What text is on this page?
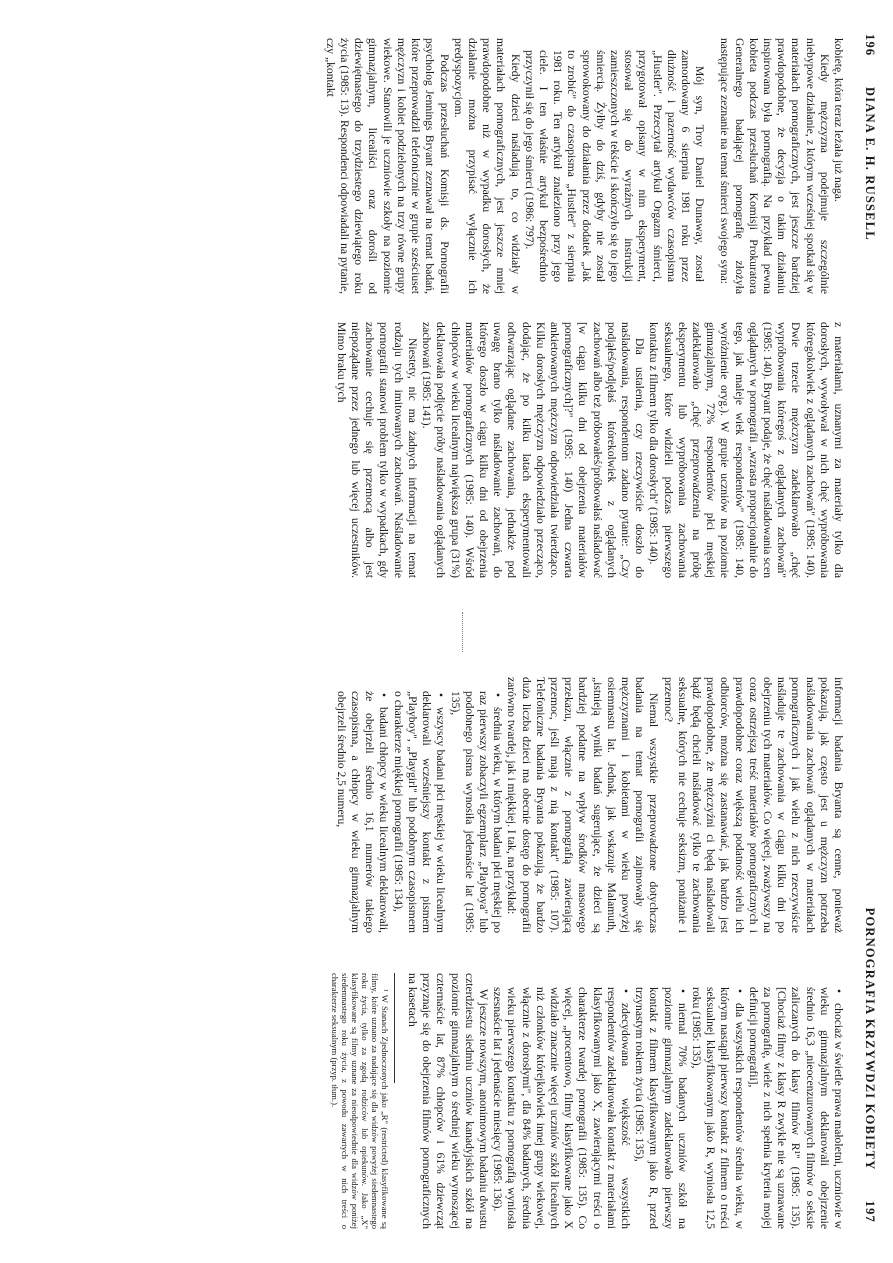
196  DIANA E. H. RUSSELL

kobietę, która teraz leżała już naga.

Kiedy mężczyzna podejmuje szczególnie niebypowe działanie, z którym wcześniej spotkał się w materiałach pornograficznych, jest jeszcze bardziej prawdopodobne, że decyzja o takim działaniu inspirowana była pornografią. Na przykład pewna kobieta podczas przesłuchań Komisji Prokuratora Generalnego badającej pornografię złożyła następujące zeznanie na temat śmierci swojego syna:

Mój syn, Troy Daniel Dunaway, został zamordowany 6 sierpnia 1981 roku przez dłużność i pazerność wydawców czasopisma „Hustler". Przeczytał artykuł Orgazm śmierci, przygotował opisany w nim eksperyment, stosował się do wyraźnych instrukcji zamieszczonych w tekście i skończyło się to jego śmiercią. Żyłby do dziś, gdyby nie został sprowokowany do działania przez dodatek „Jak to zrobić" do czasopisma „Hustler" z sierpnia 1981 roku. Ten artykuł znaleziono przy jego ciele. I ten właśnie artykuł bezpośrednio przyczynił się do jego śmierci (1986: 797).

Kiedy dzieci naśladują to, co widziały w materiałach pornograficznych, jest jeszcze mniej prawdopodobne niż w wypadku dorosłych, że działanie można przypisać wyłącznie ich predyspozycjom.

Podczas przesłuchań Komisji ds. Pornografii psycholog Jennings Bryant zeznawał na temat badań, które przeprowadził telefonicznie w grupie sześciuset mężczyzn i kobiet podzielonych na trzy równe grupy wiekowe. Stanowili je uczniowie szkoły na poziomie gimnazjalnym, licealiści oraz dorośli od dziewiętnastego do trzydziestego dziewiątego roku życia (1985: 13). Respondenci odpowiadali na pytanie, czy „kontakt

z materiałami, uznanymi za materiały tylko dla dorosłych, wywoływał w nich chęć wypróbowania któregokolwiek z oglądanych zachowań" (1985: 140). Dwie trzecie mężczyzn zadeklarowało „chęć wypróbowania któregoś z oglądanych zachowań" (1985: 140). Bryant podaje, że chęć naśladowania scen oglądanych w pornografii „wzrasta proporcjonalnie do tego, jak maleje wiek respondentów" (1985: 140, wyróżnienie oryg.). W grupie uczniów na poziomie gimnazjalnym, 72% respondentów płci męskiej zadeklarowało „chęć przeprowadzenia na próbę eksperymentu lub wypróbowania zachowania seksualnego, które widzieli podczas pierwszego kontaktu z filmem tylko dla dorosłych" (1985: 140).

Dla ustalenia, czy rzeczywiście doszło do naśladowania, respondentom zadano pytanie: „Czy podjąłeś/podjęłaś którekolwiek z oglądanych zachowań albo też próbowałeś/próbowałaś naśladować [w ciągu kilku dni od obejrzenia materiałów pornograficznych]?" (1985: 140) Jedna czwarta ankietowanych mężczyzn odpowiedziała twierdząco. Kilku dorosłych mężczyzn odpowiedziało przecząco, dodając, że po kilku latach eksperymentowali odtwarzając oglądane zachowania, jednakże pod uwagę brano tylko naśladowanie zachowań, do którego doszło w ciągu kilku dni od obejrzenia materiałów pornograficznych (1985: 140). Wśród chłopców w wieku licealnym największa grupa (31%) deklarowała podjęcie próby naśladowania oglądanych zachowań (1985: 141).

Niestety, nic ma żadnych informacji na temat rodzaju tych imitowanych zachowań. Naśladowanie pornografii stanowi problem tylko w wypadkach, gdy zachowanie cechuje się przemocą albo jest niepożądane przez jednego lub więcej uczestników. Mimo braku tych

PORNOGRAFIA KRZYWDZI KOBIETY  197

informacji badania Bryanta są cenne, ponieważ pokazują, jak często jest u mężczyzn potrzeba naśladowania zachowań oglądanych w materiałach pornograficznych i jak wielu z nich rzeczywiście naśladuje te zachowania w ciągu kilku dni po obejrzeniu tych materiałów. Co więcej, zważywszy na coraz ostrzejszą treść materiałów pornograficznych i prawdopodobne coraz większą podatność wielu ich odbiorców, można się zastanawiać, jak bardzo jest prawdopodobne, że mężczyźni ci będą naśladowali bądź będą chcieli naśladować tylko te zachowania seksualne, których nie cechuje seksizm, poniżanie i przemoc?

Niemal wszystkie przeprowadzone dotychczas badania na temat pornografii zajmowały się mężczyznami i kobietami w wieku powyżej osiemnastu lat. Jednak, jak wskazuje Malamuth, „istnieją wyniki badań sugerujące, że dzieci są bardziej podatne na wpływ środków masowego przekazu, włącznie z pornografią zawierającą przemoc, jeśli mają z nią kontakt" (1985: 107). Telefoniczne badania Bryanta pokazują, że bardzo duża liczba dzieci ma obecnie dostęp do pornografii zarówno twardej, jak i miękkiej. I tak, na przykład:

• średnia wieku, w którym badani płci męskiej po raz pierwszy zobaczyli egzemplarz „Playboya" lub podobnego pisma wynosiła jedenaście lat (1985: 135),

• wszyscy badani płci męskiej w wieku licealnym deklarowali wcześniejszy kontakt z pismem „Playboy", „Playgirl" lub podobnym czasopismem o charakterze miękkiej pornografii (1985: 134),

• badani chłopcy w wieku licealnym deklarowali, że obejrzeli średnio 16,1 numerów takiego czasopisma, a chłopcy w wieku gimnazjalnym obejrzeli średnio 2,5 numeru,

• chociaż w świetle prawa małoletni, uczniowie w wieku gimnazjalnym deklarowali obejrzenie średnio 16,3 „nieocenzurowanych filmów o seksie zaliczanych do klasy filmów R¹" (1985: 135). [Chociaż filmy z klasy R zwykle nie są uznawane za pornografię, wiele z nich spełnia kryteria mojej definicji pornografii],

• dla wszystkich respondentów średnia wieku, w którym nastąpił pierwszy kontakt z filmem o treści seksualnej klasyfikowanym jako R, wyniosła 12,5 roku (1985: 135),

• niemal 70% badanych uczniów szkół na poziomie gimnazjalnym zadeklarowało pierwszy kontakt z filmem klasyfikowanym jako R, przed trzynastym rokiem życia (1985: 135),

• zdecydowana większość wszystkich respondentów zadeklarowała kontakt z materiałami klasyfikowanymi jako X, zawierającymi treści o charakterze twardej pornografii (1985: 135). Co więcej, „procentowo, filmy klasyfikowane jako X widziało znacznie więcej uczniów szkół licealnych niż członków którejkolwiek innej grupy wiekowej, włącznie z dorosłymi", dla 84% badanych, średnia wieku pierwszego kontaktu z pornografią wyniosła szesnaście lat i jedenaście miesięcy (1985: 136).

W jeszcze nowszym, anonimowym badaniu dwustu czterdziestu siedmiu uczniów kanadyjskich szkół na poziomie gimnazjalnym o średniej wieku wynoszącej czternaście lat, 87% chłopców i 61% dziewcząt przyznaje się do obejrzenia filmów pornograficznych na kasetach

¹ W Stanach Zjednoczonych jako „R" (restricted) klasyfikowane są filmy, które uznano za nadające się dla widzów powyżej siedemnastego roku życia, tylko za zgodą rodziców lub opiekunów. Jako „X" klasyfikowane są filmy uznane za nieodpowiednie dla widzów poniżej siedemnastego roku życia, z powodu zawartych w nich treści o charakterze seksualnym (przyp. tłum.).
